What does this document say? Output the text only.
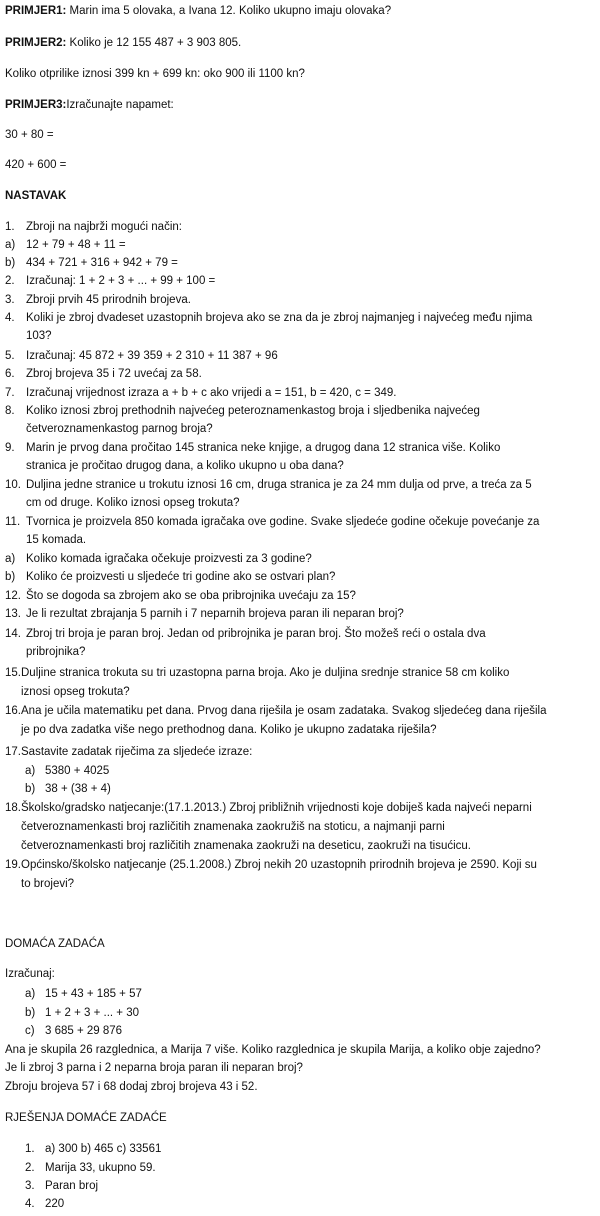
PRIMJER1: Marin ima 5 olovaka, a Ivana 12. Koliko ukupno imaju olovaka?
PRIMJER2: Koliko je 12 155 487 + 3 903 805.
Koliko otprilike iznosi 399 kn + 699 kn: oko 900 ili 1100 kn?
PRIMJER3:Izračunajte napamet:
30 + 80 =
420 + 600 =
NASTAVAK
1. Zbroji na najbrži mogući način:
a) 12 + 79 + 48 + 11 =
b) 434 + 721 + 316 + 942 + 79 =
2. Izračunaj: 1 + 2 + 3 + ... + 99 + 100 =
3. Zbroji prvih 45 prirodnih brojeva.
4. Koliki je zbroj dvadeset uzastopnih brojeva ako se zna da je zbroj najmanjeg i najvećeg među njima
103?
5. Izračunaj: 45 872 + 39 359 + 2 310 + 11 387 + 96
6. Zbroj brojeva 35 i 72 uvećaj za 58.
7. Izračunaj vrijednost izraza a + b + c ako vrijedi a = 151, b = 420, c = 349.
8. Koliko iznosi zbroj prethodnih najvećeg peteroznamenkastog broja i sljedbenika najvećeg
četveroznamenkastog parnog broja?
9. Marin je prvog dana pročitao 145 stranica neke knjige, a drugog dana 12 stranica više. Koliko
stranica je pročitao drugog dana, a koliko ukupno u oba dana?
10. Duljina jedne stranice u trokutu iznosi 16 cm, druga stranica je za 24 mm dulja od prve, a treća za 5
cm od druge. Koliko iznosi opseg trokuta?
11. Tvornica je proizvela 850 komada igračaka ove godine. Svake sljedeće godine očekuje povećanje za
15 komada.
a) Koliko komada igračaka očekuje proizvesti za 3 godine?
b) Koliko će proizvesti u sljedeće tri godine ako se ostvari plan?
12. Što se dogoda sa zbrojem ako se oba pribrojnika uvećaju za 15?
13. Je li rezultat zbrajanja 5 parnih i 7 neparnih brojeva paran ili neparan broj?
14. Zbroj tri broja je paran broj. Jedan od pribrojnika je paran broj. Što možeš reći o ostala dva
pribrojnika?
15.Duljine stranica trokuta su tri uzastopna parna broja. Ako je duljina srednje stranice 58 cm koliko
iznosi opseg trokuta?
16.Ana je učila matematiku pet dana. Prvog dana riješila je osam zadataka. Svakog sljedećeg dana riješila
je po dva zadatka više nego prethodnog dana. Koliko je ukupno zadataka riješila?
17.Sastavite zadatak riječima za sljedeće izraze:
a) 5380 + 4025
b) 38 + (38 + 4)
18.Školsko/gradsko natjecanje:(17.1.2013.) Zbroj približnih vrijednosti koje dobiješ kada najveći neparni
četveroznamenkasti broj različitih znamenaka zaokružiš na stoticu, a najmanji parni
četveroznamenkasti broj različitih znamenaka zaokruži na deseticu, zaokruži na tisućicu.
19.Općinsko/školsko natjecanje (25.1.2008.) Zbroj nekih 20 uzastopnih prirodnih brojeva je 2590. Koji su
to brojevi?
DOMAĆA ZADAĆA
Izračunaj:
a) 15 + 43 + 185 + 57
b) 1 + 2 + 3 + ... + 30
c) 3 685 + 29 876
Ana je skupila 26 razglednica, a Marija 7 više. Koliko razglednica je skupila Marija, a koliko obje zajedno?
Je li zbroj 3 parna i 2 neparna broja paran ili neparan broj?
Zbroju brojeva 57 i 68 dodaj zbroj brojeva 43 i 52.
RJEŠENJA DOMAĆE ZADAĆE
1. a) 300 b) 465 c) 33561
2. Marija 33, ukupno 59.
3. Paran broj
4. 220
